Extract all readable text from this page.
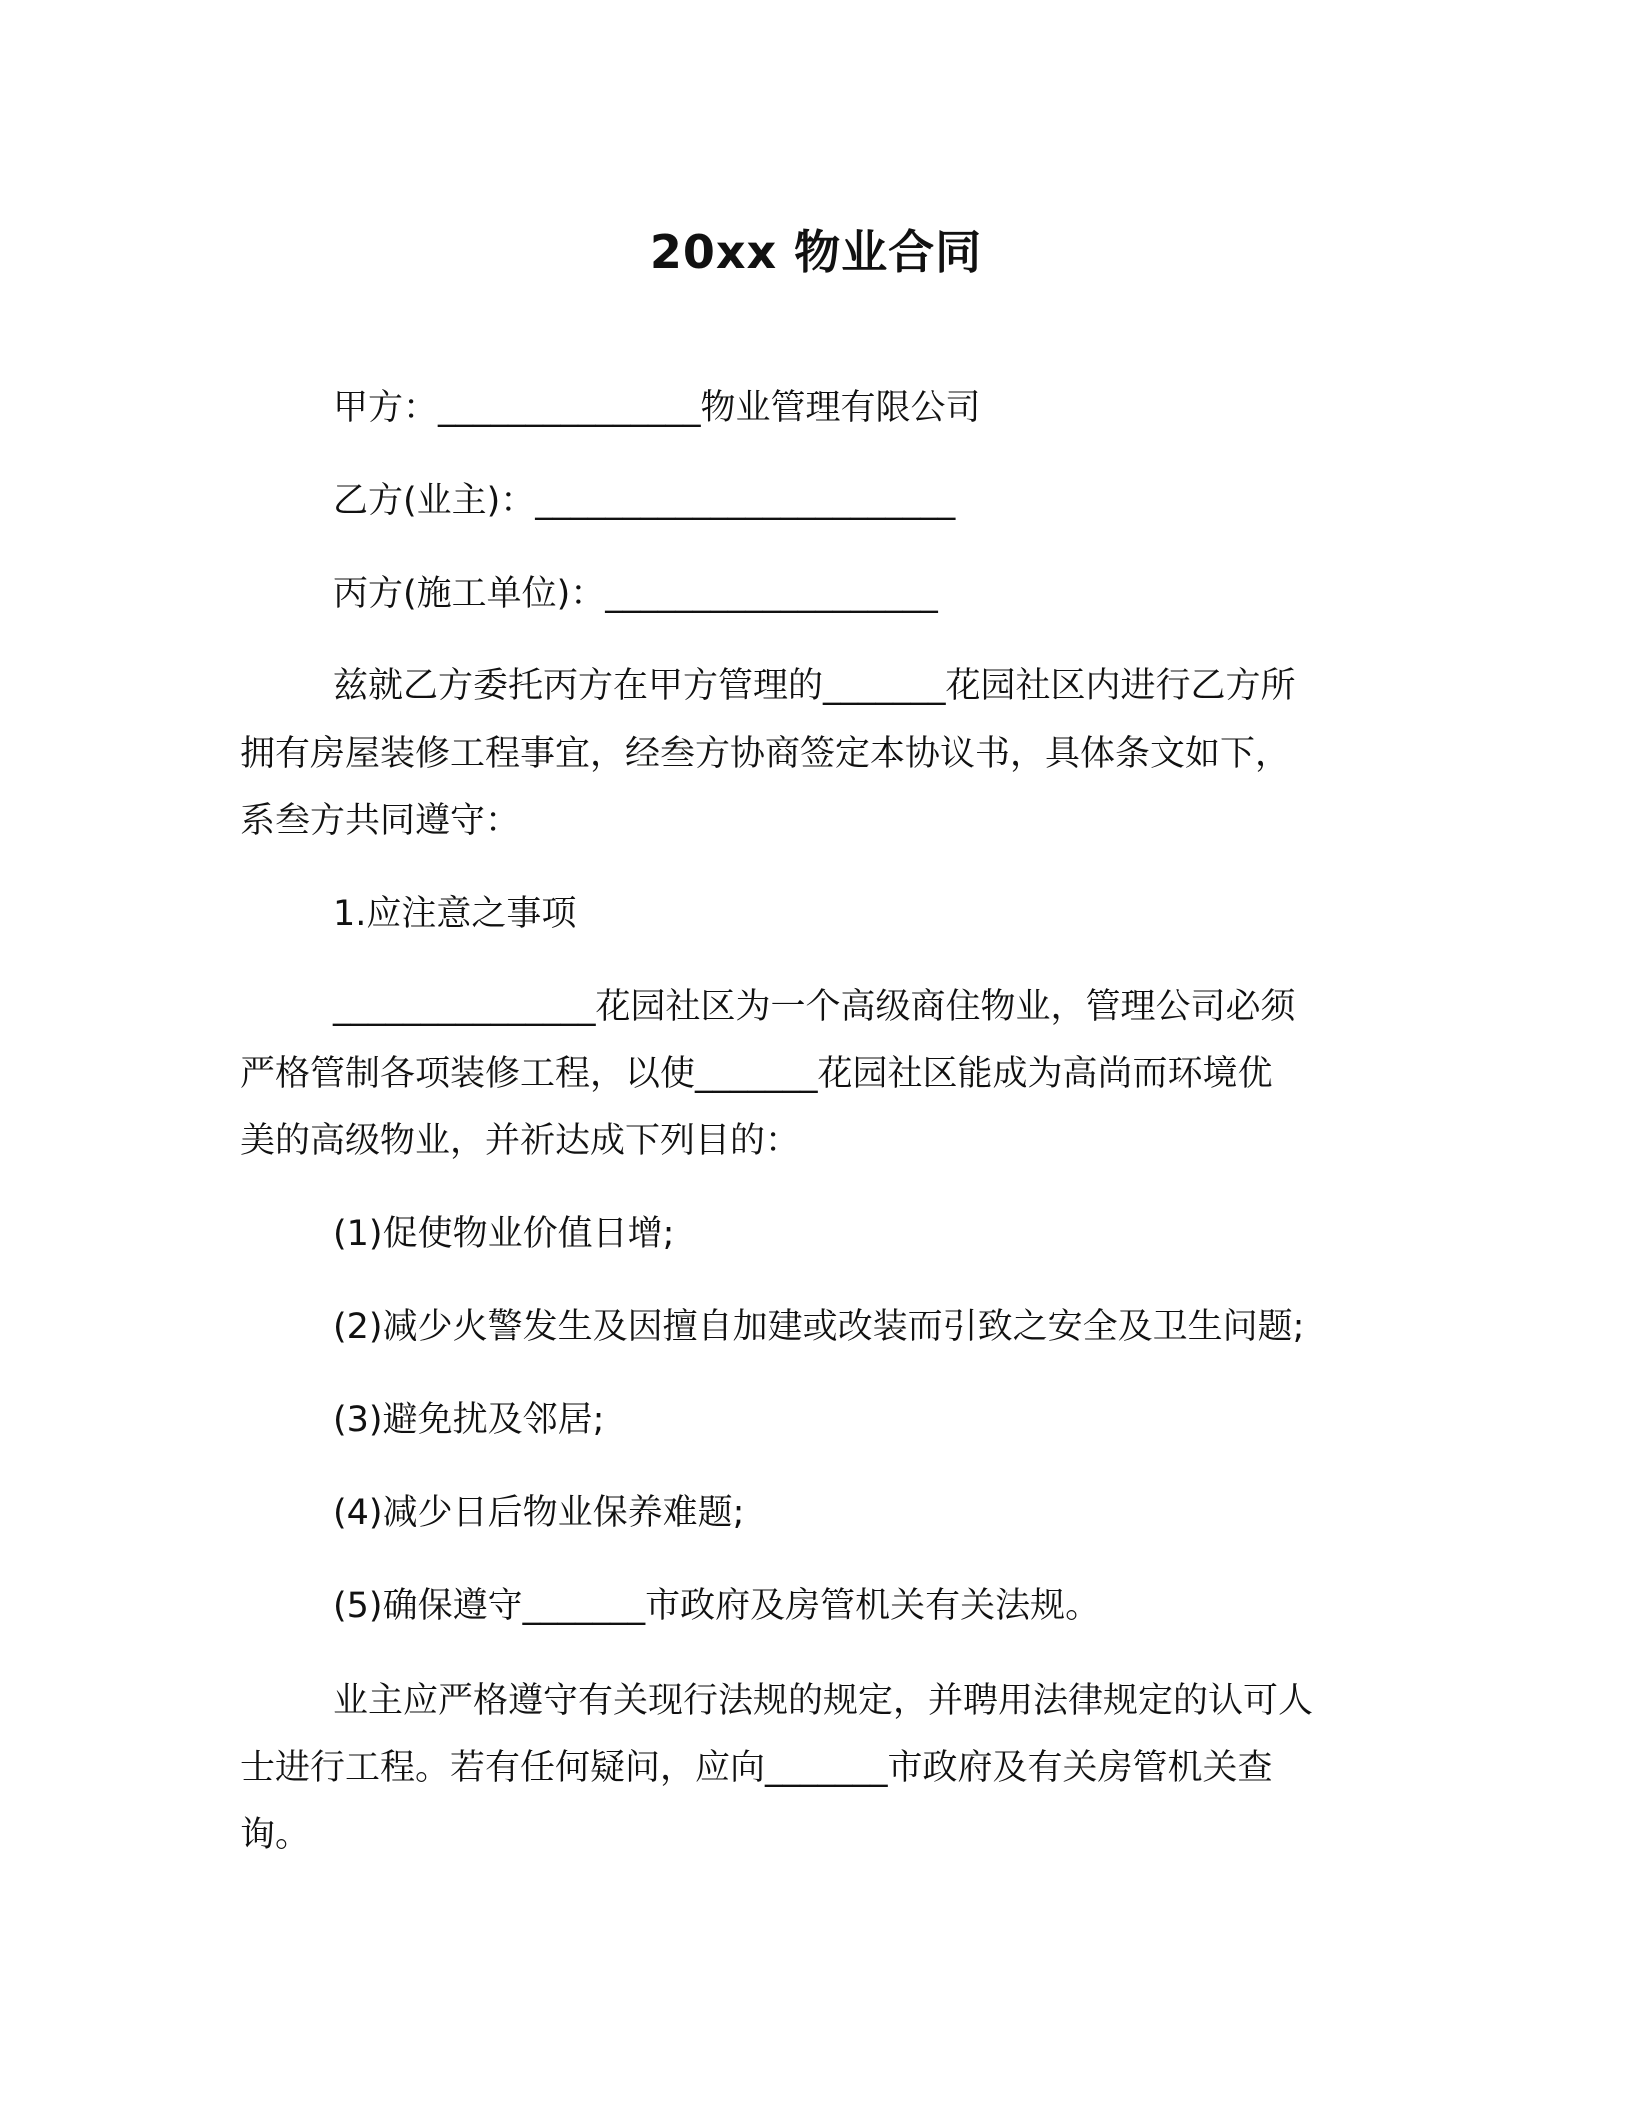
20xx 物业合同
甲方：_______________物业管理有限公司
乙方(业主)：________________________
丙方(施工单位)：___________________
兹就乙方委托丙方在甲方管理的_______花园社区内进行乙方所
拥有房屋装修工程事宜，经叁方协商签定本协议书，具体条文如下，
系叁方共同遵守：
1.应注意之事项
_______________花园社区为一个高级商住物业，管理公司必须
严格管制各项装修工程，以使_______花园社区能成为高尚而环境优
美的高级物业，并祈达成下列目的：
(1)促使物业价值日增;
(2)减少火警发生及因擅自加建或改装而引致之安全及卫生问题;
(3)避免扰及邻居;
(4)减少日后物业保养难题;
(5)确保遵守_______市政府及房管机关有关法规。
业主应严格遵守有关现行法规的规定，并聘用法律规定的认可人
士进行工程。若有任何疑问，应向_______市政府及有关房管机关查
询。
